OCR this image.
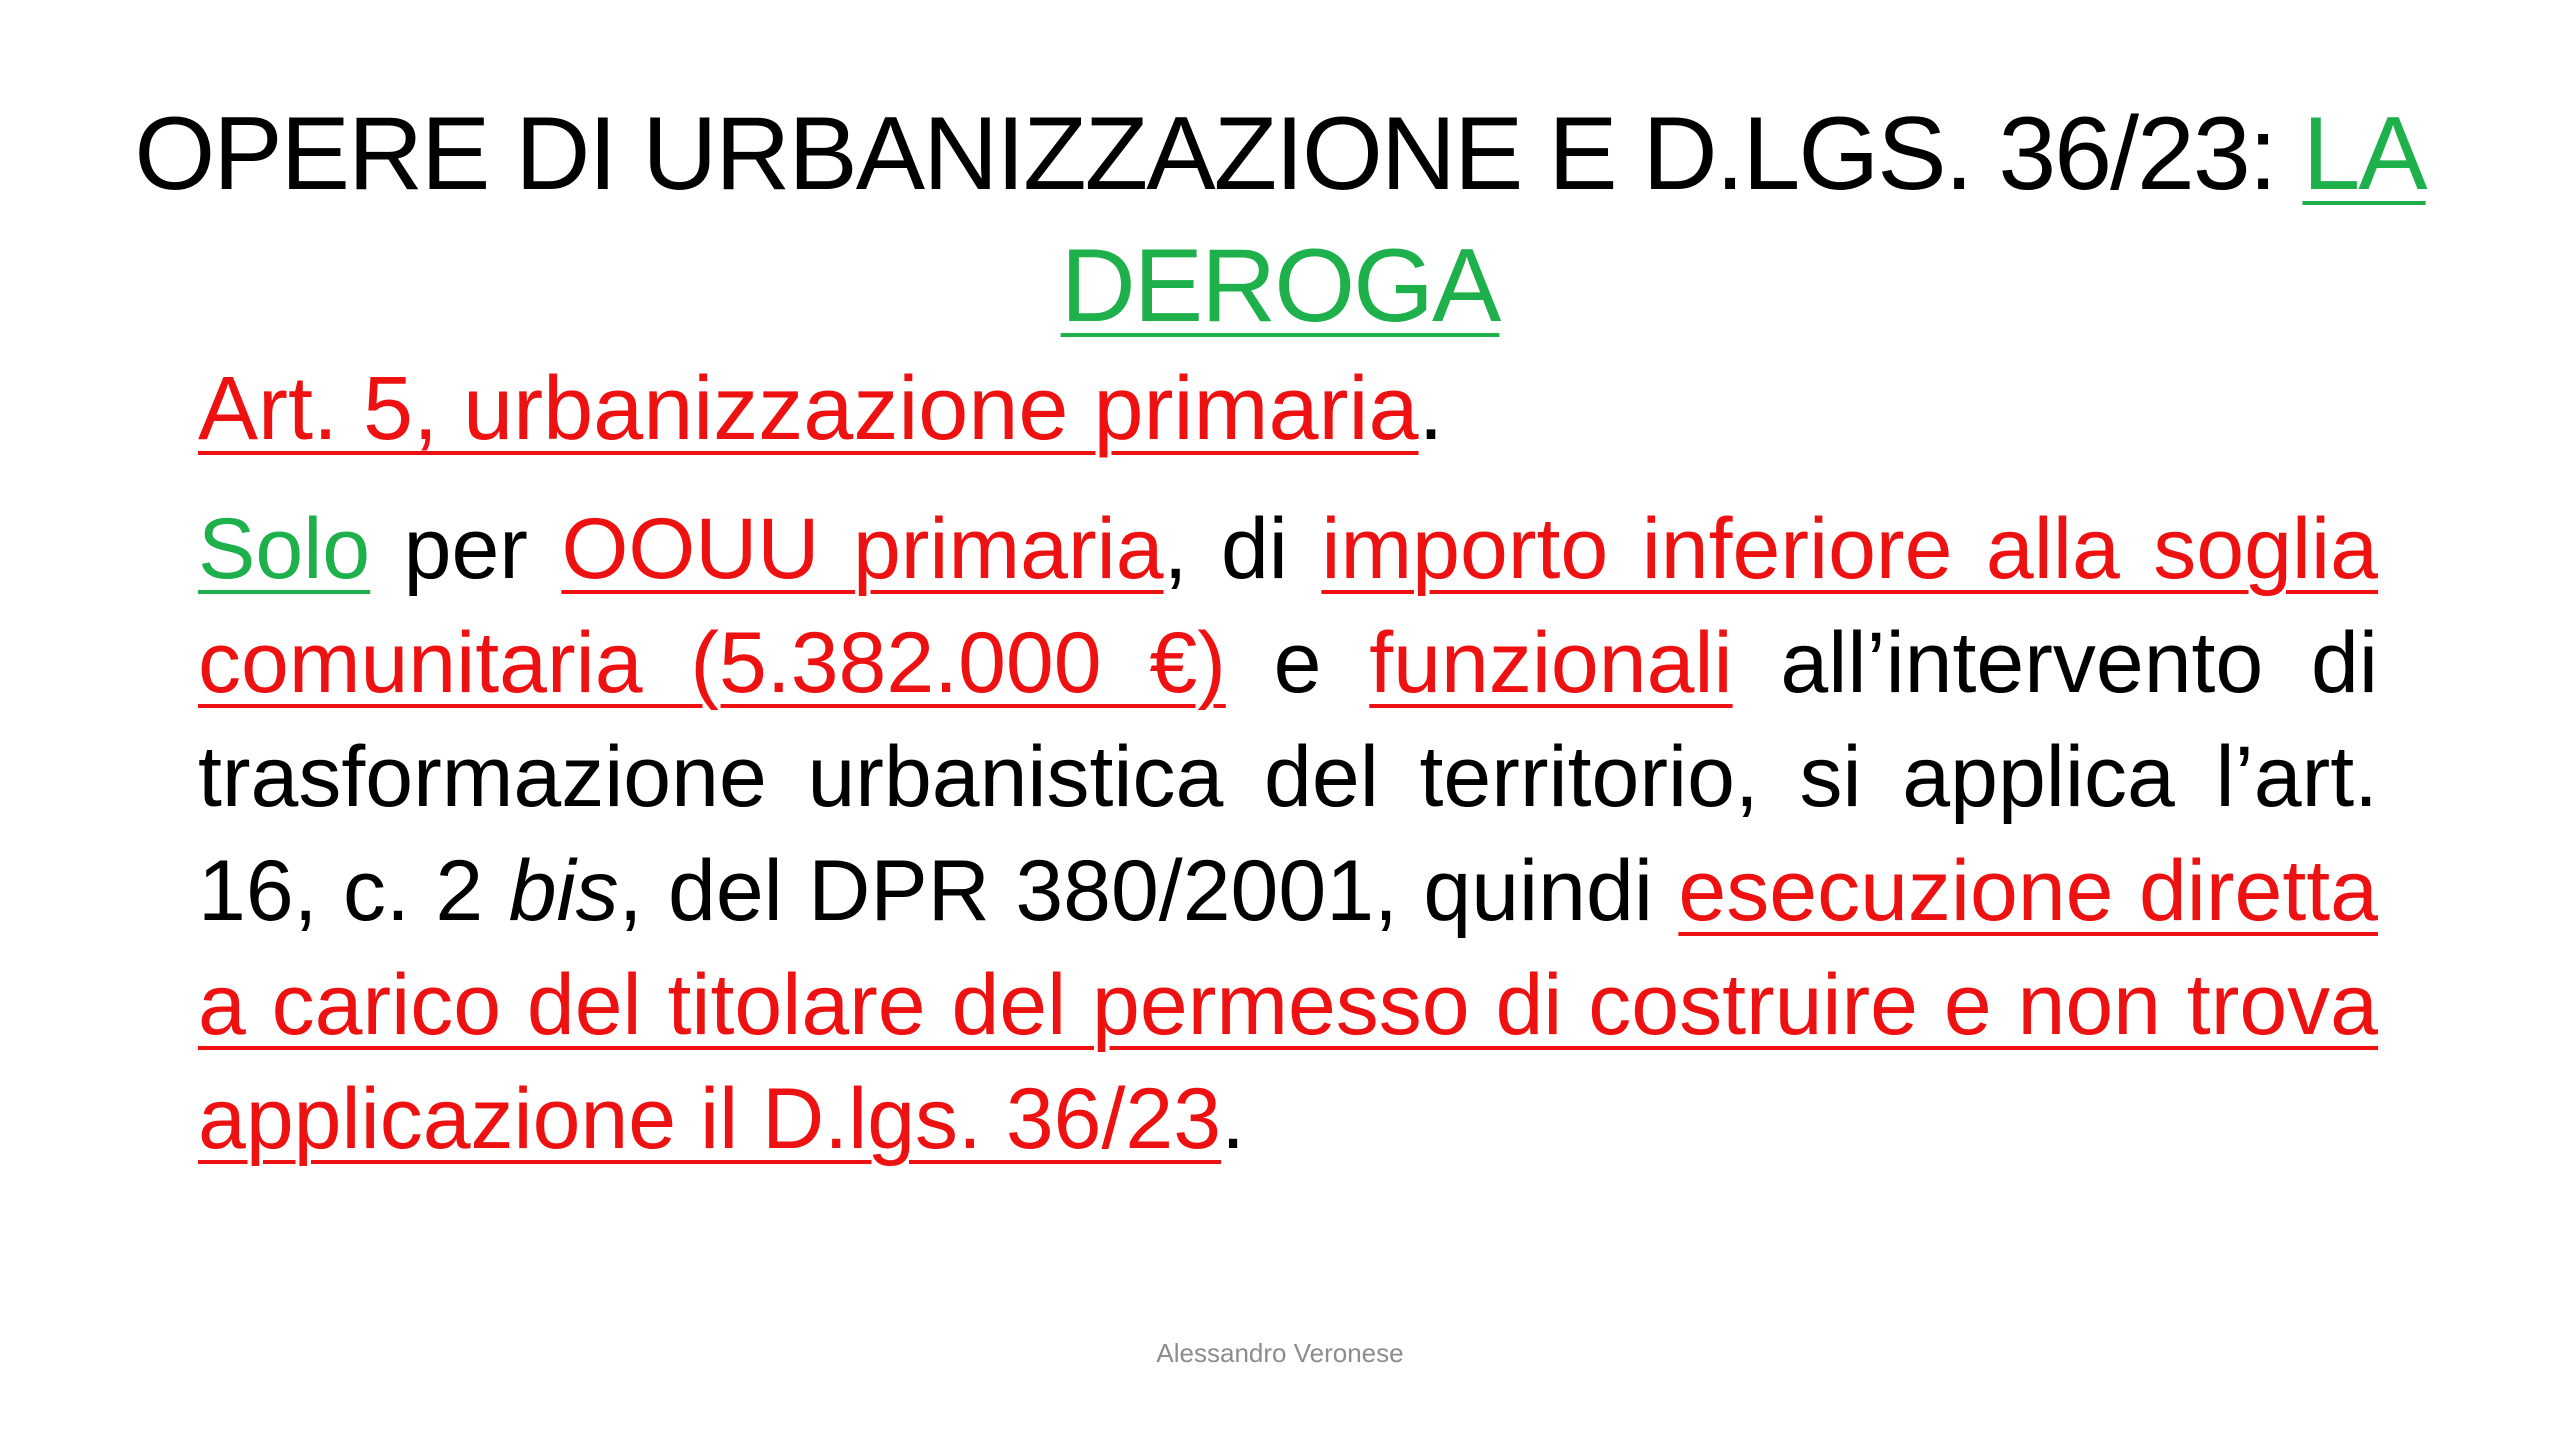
OPERE DI URBANIZZAZIONE E D.LGS. 36/23: LA DEROGA

Art. 5, urbanizzazione primaria.

Solo per OOUU primaria, di importo inferiore alla soglia comunitaria (5.382.000 €) e funzionali all’intervento di trasformazione urbanistica del territorio, si applica l’art. 16, c. 2 bis, del DPR 380/2001, quindi esecuzione diretta a carico del titolare del permesso di costruire e non trova applicazione il D.lgs. 36/23.

Alessandro Veronese
